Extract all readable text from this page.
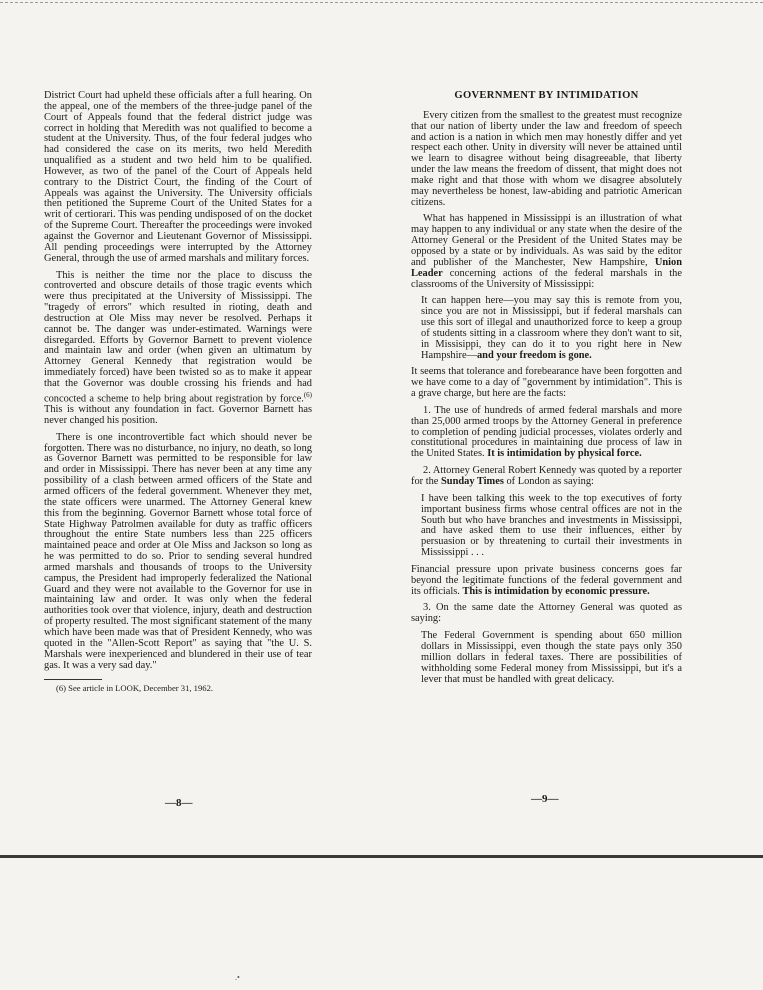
District Court had upheld these officials after a full hearing. On the appeal, one of the members of the three-judge panel of the Court of Appeals found that the federal district judge was correct in holding that Meredith was not qualified to become a student at the University. Thus, of the four federal judges who had considered the case on its merits, two held Meredith unqualified as a student and two held him to be qualified. However, as two of the panel of the Court of Appeals held contrary to the District Court, the finding of the Court of Appeals was against the University. The University officials then petitioned the Supreme Court of the United States for a writ of certiorari. This was pending undisposed of on the docket of the Supreme Court. Thereafter the proceedings were invoked against the Governor and Lieutenant Governor of Mississippi. All pending proceedings were interrupted by the Attorney General, through the use of armed marshals and military forces.

This is neither the time nor the place to discuss the controverted and obscure details of those tragic events which were thus precipitated at the University of Mississippi. The "tragedy of errors" which resulted in rioting, death and destruction at Ole Miss may never be resolved. Perhaps it cannot be. The danger was under-estimated. Warnings were disregarded. Efforts by Governor Barnett to prevent violence and maintain law and order (when given an ultimatum by Attorney General Kennedy that registration would be immediately forced) have been twisted so as to make it appear that the Governor was double crossing his friends and had concocted a scheme to help bring about registration by force.$^{(6)}$ This is without any foundation in fact. Governor Barnett has never changed his position.

There is one incontrovertible fact which should never be forgotten. There was no disturbance, no injury, no death, so long as Governor Barnett was permitted to be responsible for law and order in Mississippi. There has never been at any time any possibility of a clash between armed officers of the State and armed officers of the federal government. Whenever they met, the state officers were unarmed. The Attorney General knew this from the beginning. Governor Barnett whose total force of State Highway Patrolmen available for duty as traffic officers throughout the entire State numbers less than 225 officers maintained peace and order at Ole Miss and Jackson so long as he was permitted to do so. Prior to sending several hundred armed marshals and thousands of troops to the University campus, the President had improperly federalized the National Guard and they were not available to the Governor for use in maintaining law and order. It was only when the federal authorities took over that violence, injury, death and destruction of property resulted. The most significant statement of the many which have been made was that of President Kennedy, who was quoted in the "Allen-Scott Report" as saying that "the U. S. Marshals were inexperienced and blundered in their use of tear gas. It was a very sad day."

(6) See article in LOOK, December 31, 1962.

—8—
GOVERNMENT BY INTIMIDATION

Every citizen from the smallest to the greatest must recognize that our nation of liberty under the law and freedom of speech and action is a nation in which men may honestly differ and yet respect each other. Unity in diversity will never be attained until we learn to disagree without being disagreeable, that liberty under the law means the freedom of dissent, that might does not make right and that those with whom we disagree absolutely may nevertheless be honest, law-abiding and patriotic American citizens.

What has happened in Mississippi is an illustration of what may happen to any individual or any state when the desire of the Attorney General or the President of the United States may be opposed by a state or by individuals. As was said by the editor and publisher of the Manchester, New Hampshire, Union Leader concerning actions of the federal marshals in the classrooms of the University of Mississippi:

It can happen here—you may say this is remote from you, since you are not in Mississippi, but if federal marshals can use this sort of illegal and unauthorized force to keep a group of students sitting in a classroom where they don't want to sit, in Missisippi, they can do it to you right here in New Hampshire—and your freedom is gone.

It seems that tolerance and forebearance have been forgotten and we have come to a day of "government by intimidation". This is a grave charge, but here are the facts:

1. The use of hundreds of armed federal marshals and more than 25,000 armed troops by the Attorney General in preference to completion of pending judicial processes, violates orderly and constitutional procedures in maintaining due process of law in the United States. It is intimidation by physical force.

2. Attorney General Robert Kennedy was quoted by a reporter for the Sunday Times of London as saying:

I have been talking this week to the top executives of forty important business firms whose central offices are not in the South but who have branches and investments in Mississippi, and have asked them to use their influences, either by persuasion or by threatening to curtail their investments in Mississippi . . .

Financial pressure upon private business concerns goes far beyond the legitimate functions of the federal government and its officials. This is intimidation by economic pressure.

3. On the same date the Attorney General was quoted as saying:

The Federal Government is spending about 650 million dollars in Mississippi, even though the state pays only 350 million dollars in federal taxes. There are possibilities of withholding some Federal money from Mississippi, but it's a lever that must be handled with great delicacy.

—9—
.•
